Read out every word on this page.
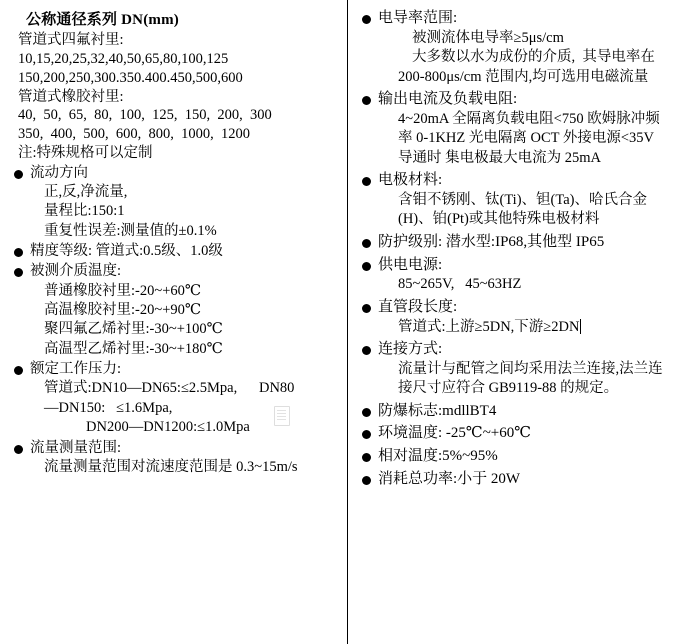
公称通径系列 DN(mm)
管道式四氟衬里:
10,15,20,25,32,40,50,65,80,100,125
150,200,250,300.350.400.450,500,600
管道式橡胶衬里:
40,  50,  65,  80,  100,  125,  150,  200,  300
350,  400,  500,  600,  800,  1000,  1200
注:特殊规格可以定制
流动方向
正,反,净流量,
量程比:150:1
重复性误差:测量值的±0.1%
精度等级: 管道式:0.5级、1.0级
被测介质温度:
普通橡胶衬里:-20~+60℃
高温橡胶衬里:-20~+90℃
聚四氟乙烯衬里:-30~+100℃
高温型乙烯衬里:-30~+180℃
额定工作压力:
管道式:DN10—DN65:≤2.5Mpa,      DN80
—DN150:   ≤1.6Mpa,
DN200—DN1200:≤1.0Mpa
流量测量范围:
流量测量范围对流速度范围是 0.3~15m/s
电导率范围:
被测流体电导率≥5μs/cm
大多数以水为成份的介质,  其导电率在
200-800μs/cm 范围内,均可选用电磁流量
输出电流及负载电阻:
4~20mA 全隔离负载电阻<750 欧姆脉冲频
率 0-1KHZ 光电隔离 OCT 外接电源<35V
导通时 集电极最大电流为 25mA
电极材料:
含钼不锈刚、钛(Ti)、钽(Ta)、哈氏合金
(H)、铂(Pt)或其他特殊电极材料
防护级别: 潜水型:IP68,其他型 IP65
供电电源:
85~265V,   45~63HZ
直管段长度:
管道式:上游≥5DN,下游≥2DN
连接方式:
流量计与配管之间均采用法兰连接,法兰连
接尺寸应符合 GB9119-88 的规定。
防爆标志:mdllBT4
环境温度: -25℃~+60℃
相对温度:5%~95%
消耗总功率:小于 20W
